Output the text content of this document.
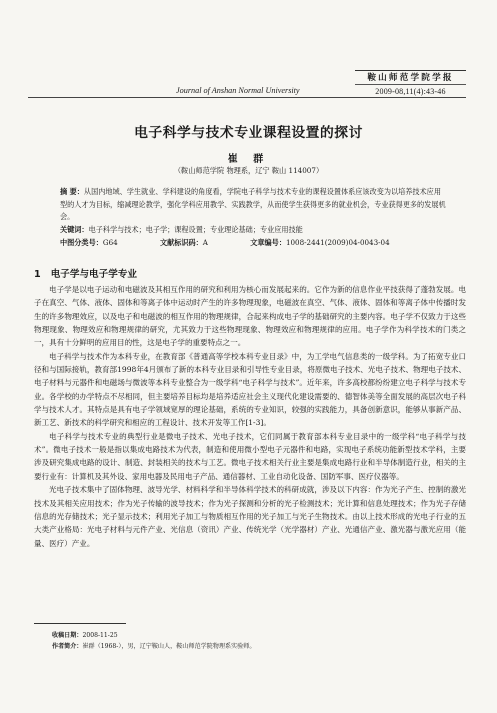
Journal of Anshan Normal University
鞍山师范学院学报
2009-08,11(4):43-46
电子科学与技术专业课程设置的探讨
崔 群
（鞍山师范学院 物理系，辽宁 鞍山 114007）
摘 要：从国内地域、学生就业、学科建设的角度看，学院电子科学与技术专业的课程设置体系应该改变为以培养技术应用型的人才为目标，缩减理论教学，强化学科应用教学、实践教学，从而使学生获得更多的就业机会，专业获得更多的发展机会。
关键词：电子科学与技术；电子学；课程设置；专业理论基础；专业应用技能
中图分类号：G64	文献标识码：A	文章编号：1008-2441(2009)04-0043-04
1 电子学与电子学专业

电子学是以电子运动和电磁波及其相互作用的研究和利用为核心而发展起来的。它作为新的信息作业平技获得了蓬勃发展。电子在真空、气体、液体、固体和等离子体中运动时产生的许多物理现象，电磁波在真空、气体、液体、固体和等离子体中传播时发生的许多物理效应，以及电子和电磁波的相互作用的物理规律，合起来构成电子学的基础研究的主要内容。电子学不仅致力于这些物理现象、物理效应和物理规律的研究，尤其致力于这些物理现象、物理效应和物理规律的应用。电子学作为科学技术的门类之一，具有十分鲜明的应用目的性，这是电子学的重要特点之一。

电子科学与技术作为本科专业，在教育部《普通高等学校本科专业目录》中，为工学电气信息类的一级学科。为了拓宽专业口径和与国际接轨，教育部1998年4月颁布了新的本科专业目录和引导性专业目录，将原微电子技术、光电子技术、物理电子技术、电子材料与元器件和电磁场与微波等本科专业整合为一级学科“电子科学与技术”。近年来，许多高校都纷纷建立电子科学与技术专业。各学校的办学特点不尽相同，但主要培养目标均是培养适应社会主义现代化建设需要的、德智体美等全面发展的高层次电子科学与技术人才。其特点是具有电子学领域宽厚的理论基础，系统的专业知识，较强的实践能力，具备创新意识，能够从事新产品、新工艺、新技术的科学研究和相应的工程设计、技术开发等工作[1-3]。

电子科学与技术专业的典型行业是微电子技术、光电子技术，它们同属于教育部本科专业目录中的一级学科“电子科学与技术”。微电子技术一般是指以集成电路技术为代表，制造和使用微小型电子元器件和电路，实现电子系统功能新型技术学科，主要涉及研究集成电路的设计、制造、封装相关的技术与工艺。微电子技术相关行业主要是集成电路行业和半导体制造行业，相关的主要行业有：计算机及其外设、家用电器及民用电子产品、通信器材、工业自动化设备、国防军事、医疗仪器等。

光电子技术集中了固体物理、波导光学、材料科学和半导体科学技术的科研成就，涉及以下内容：作为光子产生、控制的激光技术及其相关应用技术；作为光子传输的波导技术；作为光子探测和分析的光子检测技术；光计算和信息处理技术；作为光子存储信息的光存储技术；光子显示技术；利用光子加工与物质相互作用的光子加工与光子生物技术。由以上技术形成的光电子行业的五大类产业格局：光电子材料与元件产业、光信息（资讯）产业、传统光学（光学器材）产业、光通信产业、激光器与激光应用（能量、医疗）产业。

收稿日期：2008-11-25
作者简介：崔群（1968-），男，辽宁鞍山人，鞍山师范学院物理系实验师。
